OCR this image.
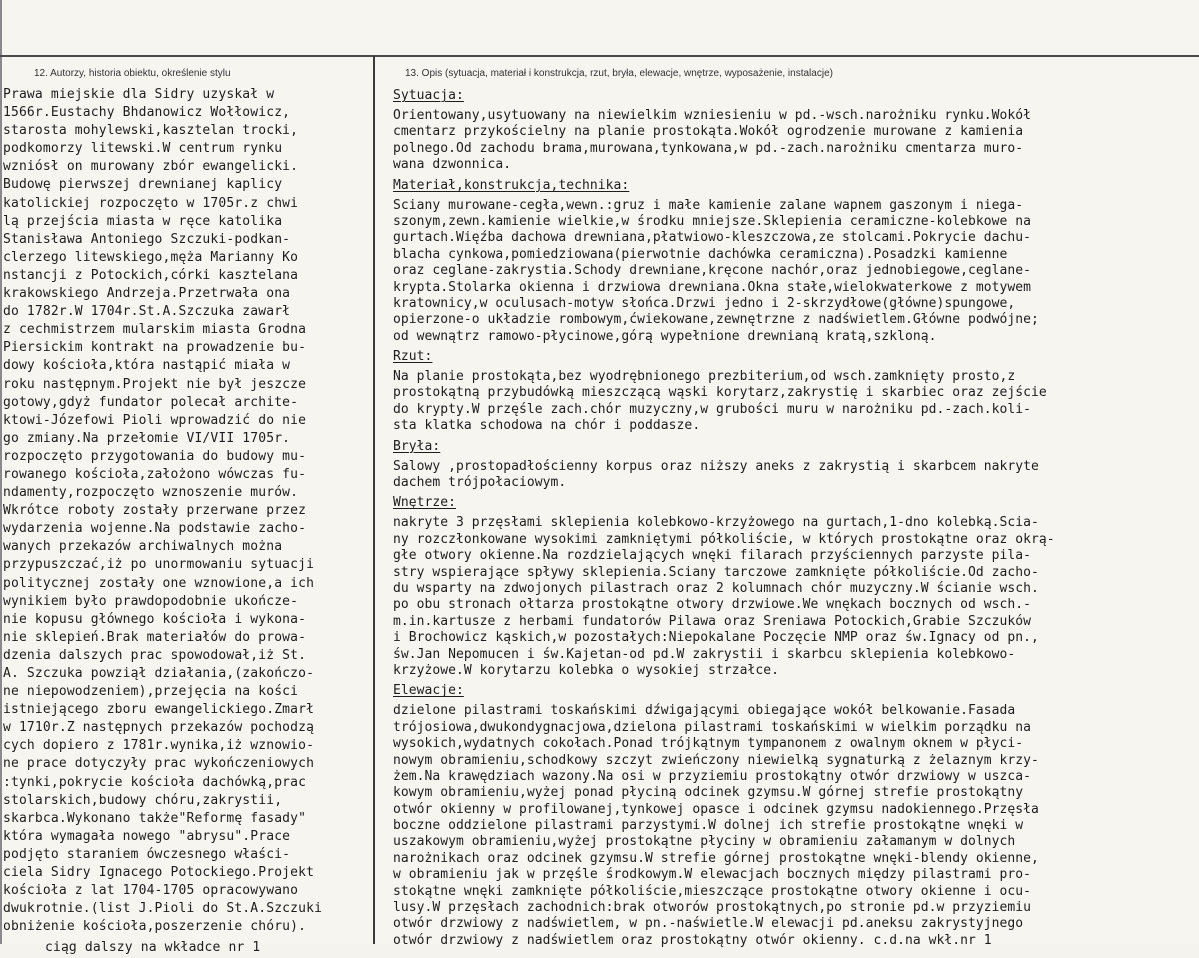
12. Autorzy, historia obiektu, określenie stylu	13. Opis (sytuacja, materiał i konstrukcja, rzut, bryła, elewacje, wnętrze, wyposażenie, instalacje)
Prawa miejskie dla Sidry uzyskał w
1566r.Eustachy Bhdanowicz Wołłowicz,
starosta mohylewski,kasztelan trocki,
podkomorzy litewski.W centrum rynku
wzniósł on murowany zbór ewangelicki.
Budowę pierwszej drewnianej kaplicy
katolickiej rozpoczęto w 1705r.z chwi
lą przejścia miasta w ręce katolika
Stanisława Antoniego Szczuki-podkan-
clerzego litewskiego,męża Marianny Ko
nstancji z Potockich,córki kasztelana
krakowskiego Andrzeja.Przetrwała ona
do 1782r.W 1704r.St.A.Szczuka zawarł
z cechmistrzem mularskim miasta Grodna
Piersickim kontrakt na prowadzenie bu-
dowy kościoła,która nastąpić miała w
roku następnym.Projekt nie był jeszcze
gotowy,gdyż fundator polecał archite-
ktowi-Józefowi Pioli wprowadzić do nie
go zmiany.Na przełomie VI/VII 1705r.
rozpoczęto przygotowania do budowy mu-
rowanego kościoła,założono wówczas fu-
ndamenty,rozpoczęto wznoszenie murów.
Wkrótce roboty zostały przerwane przez
wydarzenia wojenne.Na podstawie zacho-
wanych przekazów archiwalnych można
przypuszczać,iż po unormowaniu sytuacji
politycznej zostały one wznowione,a ich
wynikiem było prawdopodobnie ukończe-
nie kopusu głównego kościoła i wykona-
nie sklepień.Brak materiałów do prowa-
dzenia dalszych prac spowodował,iż St.
A. Szczuka powziął działania,(zakończo-
ne niepowodzeniem),przejęcia na kości
istniejącego zboru ewangelickiego.Zmarł
w 1710r.Z następnych przekazów pochodzą
cych dopiero z 1781r.wynika,iż wznowio-
ne prace dotyczyły prac wykończeniowych
:tynki,pokrycie kościoła dachówką,prac
stolarskich,budowy chóru,zakrystii,
skarbca.Wykonano także"Reformę fasady"
która wymagała nowego "abrysu".Prace
podjęto staraniem ówczesnego właści-
ciela Sidry Ignacego Potockiego.Projekt
kościoła z lat 1704-1705 opracowywano
dwukrotnie.(list J.Pioli do St.A.Szczuki
obniżenie kościoła,poszerzenie chóru).
ciąg dalszy na wkładce nr 1
Sytuacja:
Orientowany,usytuowany na niewielkim wzniesieniu w pd.-wsch.narożniku rynku.Wokół
cmentarz przykościelny na planie prostokąta.Wokół ogrodzenie murowane z kamienia
polnego.Od zachodu brama,murowana,tynkowana,w pd.-zach.narożniku cmentarza muro-
wana dzwonnica.
Materiał,konstrukcja,technika:
Ściany murowane-cegła,wewn.:gruz i małe kamienie zalane wapnem gaszonym i niega-
szonym,zewn.kamienie wielkie,w środku mniejsze.Sklepienia ceramiczne-kolebkowe na
gurtach.Więźba dachowa drewniana,płatwiowo-kleszczowa,ze stolcami.Pokrycie dachu-
blacha cynkowa,pomiedziowana(pierwotnie dachówka ceramiczna).Posadzki kamienne
oraz ceglane-zakrystia.Schody drewniane,kręcone nachór,oraz jednobiegowe,ceglane-
krypta.Stolarka okienna i drzwiowa drewniana.Okna stałe,wielokwaterkowe z motywem
kratownicy,w oculusach-motyw słońca.Drzwi jedno i 2-skrzydłowe(główne)spungowe,
opierzone-o układzie rombowym,ćwiekowane,zewnętrzne z nadświetlem.Główne podwójne;
od wewnątrz ramowo-płycinowe,górą wypełnione drewnianą kratą,szkloną.
Rzut:
Na planie prostokąta,bez wyodrębnionego prezbiterium,od wsch.zamknięty prosto,z
prostokątną przybudówką mieszczącą wąski korytarz,zakrystię i skarbiec oraz zejście
do krypty.W przęśle zach.chór muzyczny,w grubości muru w narożniku pd.-zach.koli-
sta klatka schodowa na chór i poddasze.
Bryła:
Salowy ,prostopadłościenny korpus oraz niższy aneks z zakrystią i skarbcem nakryte
dachem trójpołaciowym.
Wnętrze:
nakryte 3 przęsłami sklepienia kolebkowo-krzyżowego na gurtach,1-dno kolebką.Ścia-
ny rozczłonkowane wysokimi zamkniętymi półkoliście, w których prostokątne oraz okrą-
głe otwory okienne.Na rozdzielających wnęki filarach przyściennych parzyste pila-
stry wspierające spływy sklepienia.Ściany tarczowe zamknięte półkoliście.Od zacho-
du wsparty na zdwojonych pilastrach oraz 2 kolumnach chór muzyczny.W ścianie wsch.
po obu stronach ołtarza prostokątne otwory drzwiowe.We wnękach bocznych od wsch.-
m.in.kartusze z herbami fundatorów Pilawa oraz Śreniawa Potockich,Grabie Szczuków
i Brochowicz kąskich,w pozostałych:Niepokalane Poczęcie NMP oraz św.Ignacy od pn.,
św.Jan Nepomucen i św.Kajetan-od pd.W zakrystii i skarbcu sklepienia kolebkowo-
krzyżowe.W korytarzu kolebka o wysokiej strzałce.
Elewacje:
dzielone pilastrami toskańskimi dźwigającymi obiegające wokół belkowanie.Fasada
trójosiowa,dwukondygnacjowa,dzielona pilastrami toskańskimi w wielkim porządku na
wysokich,wydatnych cokołach.Ponad trójkątnym tympanonem z owalnym oknem w płyci-
nowym obramieniu,schodkowy szczyt zwieńczony niewielką sygnaturką z żelaznym krzy-
żem.Na krawędziach wazony.Na osi w przyziemiu prostokątny otwór drzwiowy w uszca-
kowym obramieniu,wyżej ponad płyciną odcinek gzymsu.W górnej strefie prostokątny
otwór okienny w profilowanej,tynkowej opasce i odcinek gzymsu nadokiennego.Przęsła
boczne oddzielone pilastrami parzystymi.W dolnej ich strefie prostokątne wnęki w
uszakowym obramieniu,wyżej prostokątne płyciny w obramieniu załamanym w dolnych
narożnikach oraz odcinek gzymsu.W strefie górnej prostokątne wnęki-blendy okienne,
w obramieniu jak w przęśle środkowym.W elewacjach bocznych między pilastrami pro-
stokątne wnęki zamknięte półkoliście,mieszczące prostokątne otwory okienne i ocu-
lusy.W przęsłach zachodnich:brak otworów prostokątnych,po stronie pd.w przyziemiu
otwór drzwiowy z nadświetlem, w pn.-naświetle.W elewacji pd.aneksu zakrystyjnego
otwór drzwiowy z nadświetlem oraz prostokątny otwór okienny. c.d.na wkł.nr 1
